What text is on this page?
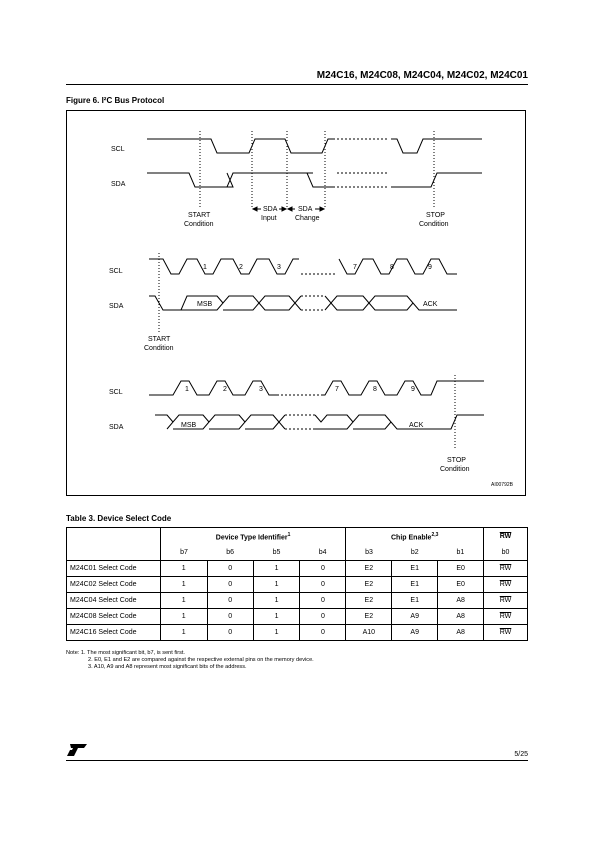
M24C16, M24C08, M24C04, M24C02, M24C01
Figure 6. I²C Bus Protocol
SCL
SDA
SDA
Input
SDA
Change
START
Condition
STOP
Condition
SCL
SDA
1	2	3	7	8	9
MSB	ACK
START
Condition
SCL
SDA
1	2	3	7	8	9
MSB	ACK
STOP
Condition
AI00792B
Table 3. Device Select Code
	Device Type Identifier$^1$				Chip Enable$^{2,3}$			$\overline{RW}$
	b7	b6	b5	b4	b3	b2	b1	b0
M24C01 Select Code	1	0	1	0	E2	E1	E0	$\overline{RW}$
M24C02 Select Code	1	0	1	0	E2	E1	E0	$\overline{RW}$
M24C04 Select Code	1	0	1	0	E2	E1	A8	$\overline{RW}$
M24C08 Select Code	1	0	1	0	E2	A9	A8	$\overline{RW}$
M24C16 Select Code	1	0	1	0	A10	A9	A8	$\overline{RW}$
Note: 1. The most significant bit, b7, is sent first.
2. E0, E1 and E2 are compared against the respective external pins on the memory device.
3. A10, A9 and A8 represent most significant bits of the address.
5/25
